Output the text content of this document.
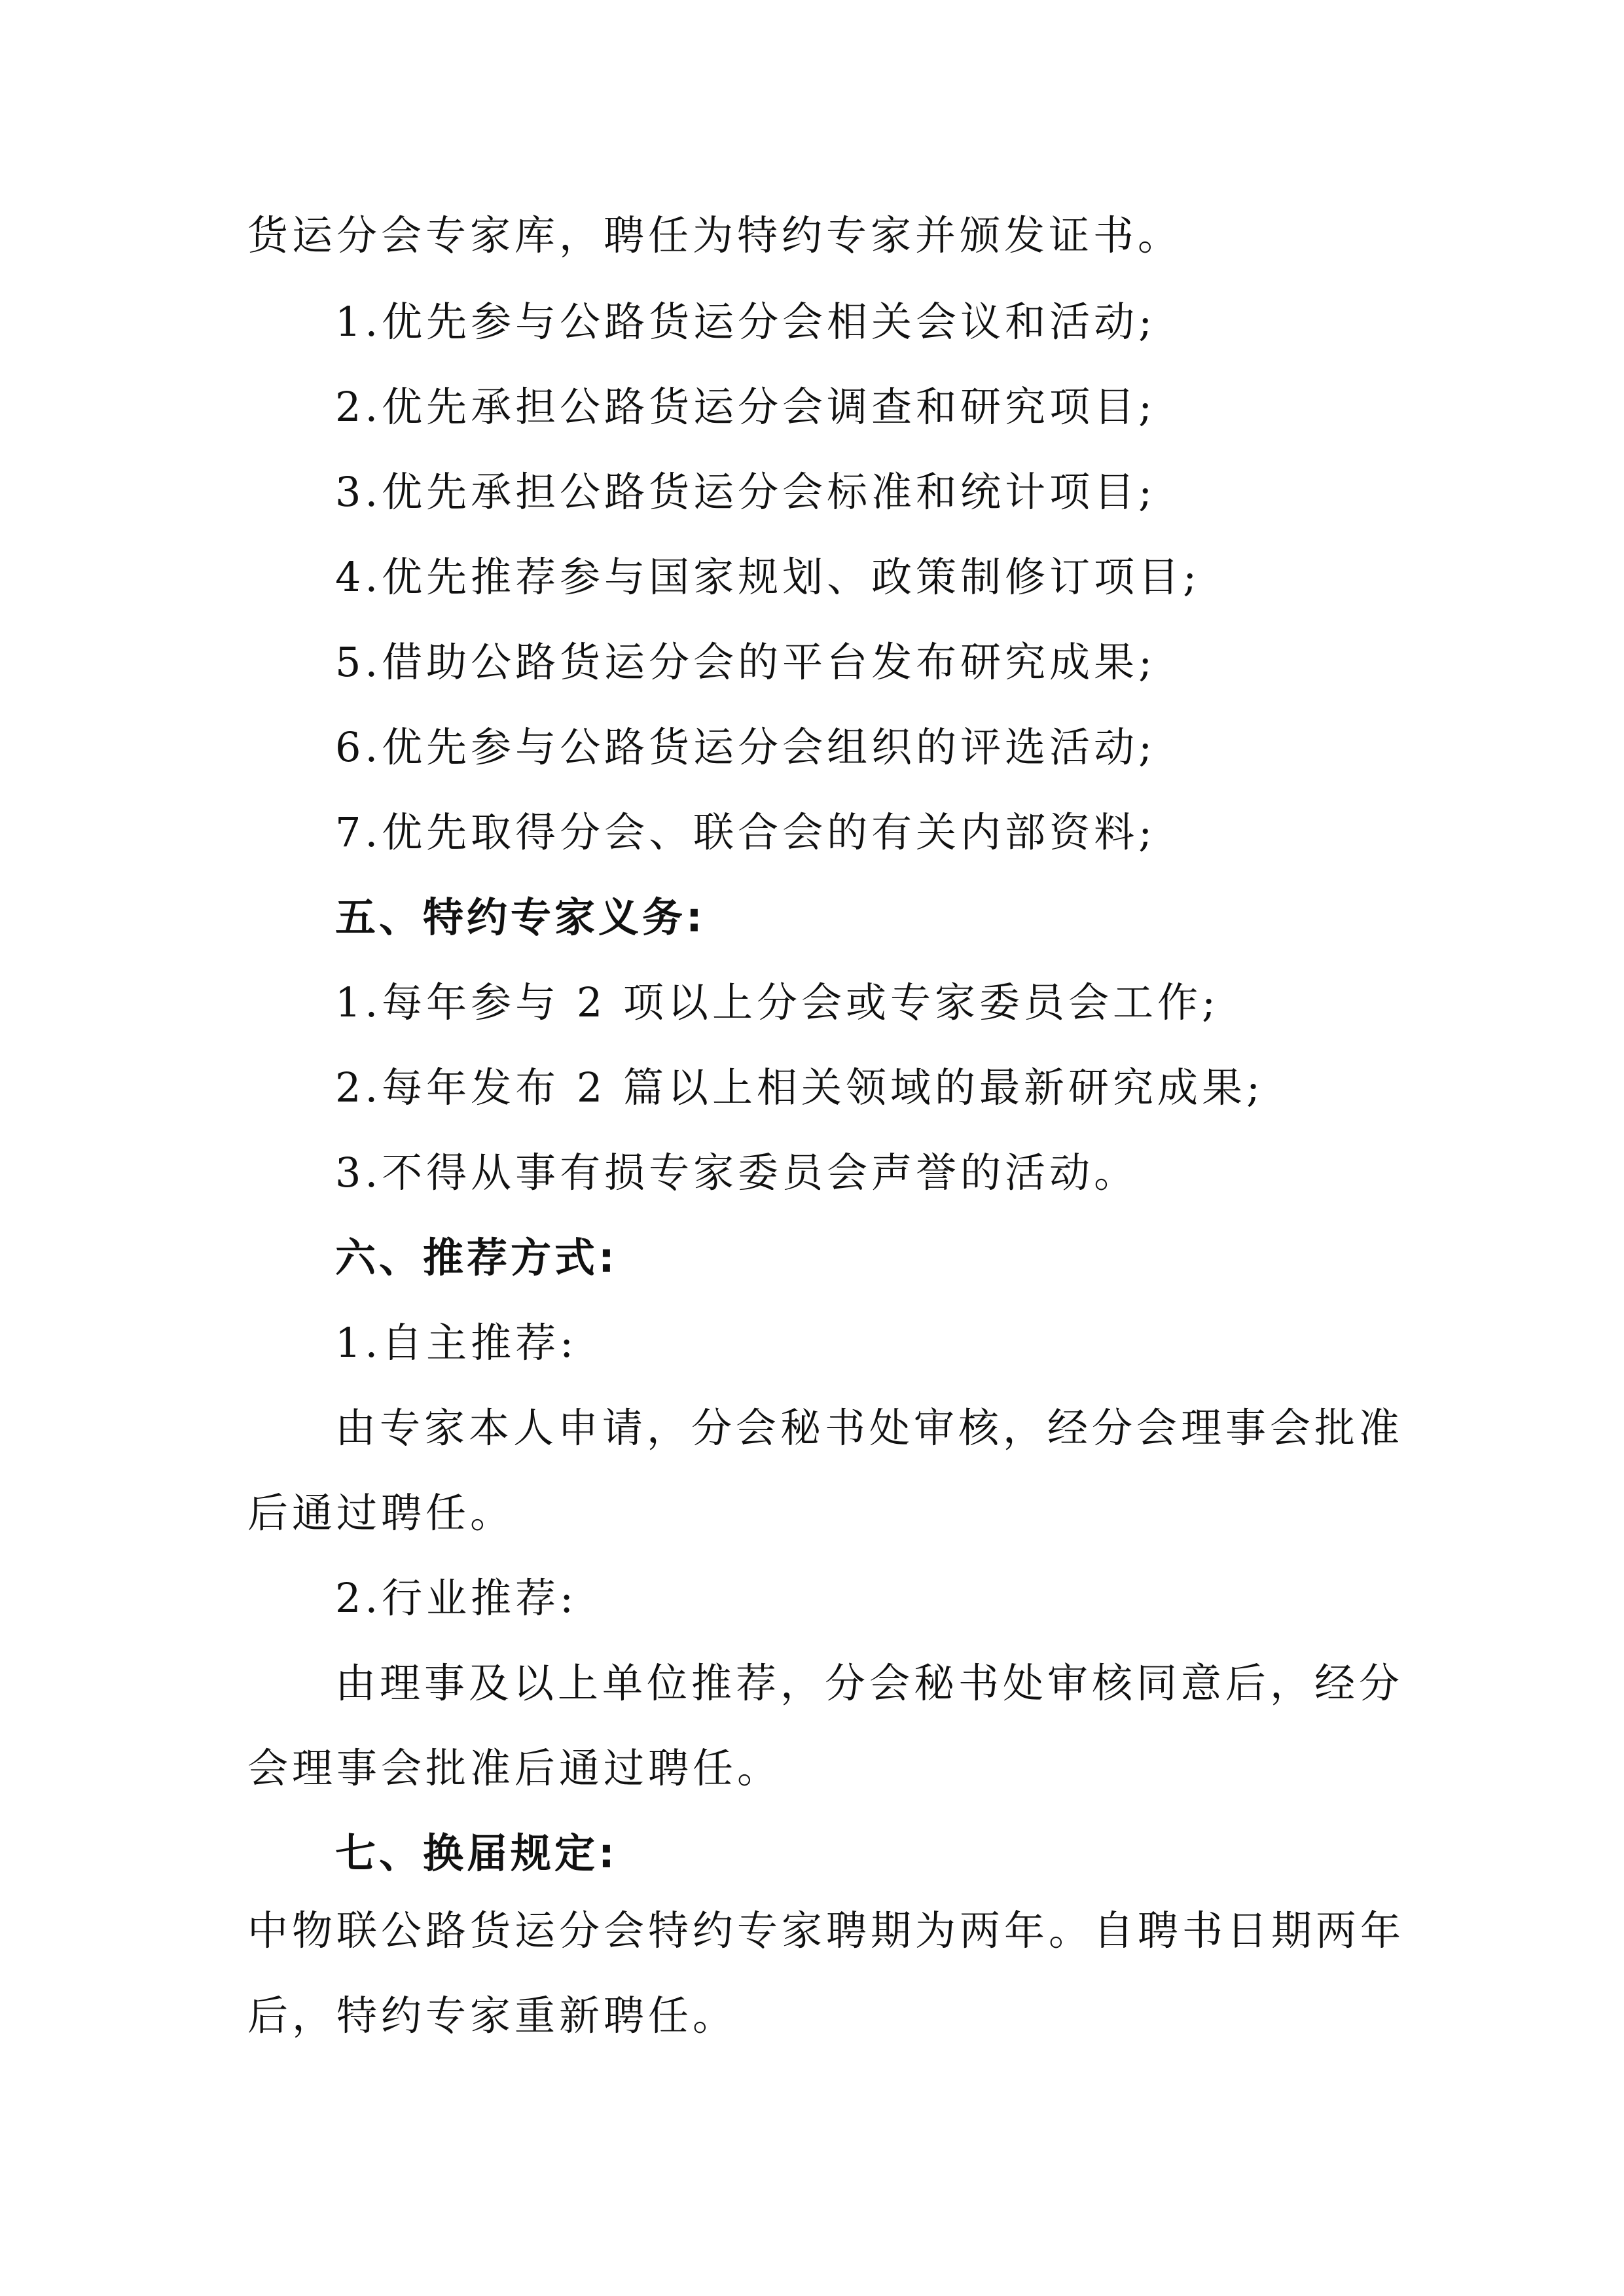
货运分会专家库，聘任为特约专家并颁发证书。
1.优先参与公路货运分会相关会议和活动;
2.优先承担公路货运分会调查和研究项目;
3.优先承担公路货运分会标准和统计项目;
4.优先推荐参与国家规划、政策制修订项目;
5.借助公路货运分会的平台发布研究成果;
6.优先参与公路货运分会组织的评选活动;
7.优先取得分会、联合会的有关内部资料;
五、特约专家义务:
1.每年参与 2 项以上分会或专家委员会工作;
2.每年发布 2 篇以上相关领域的最新研究成果;
3.不得从事有损专家委员会声誉的活动。
六、推荐方式:
1.自主推荐:
由专家本人申请，分会秘书处审核，经分会理事会批准
后通过聘任。
2.行业推荐:
由理事及以上单位推荐，分会秘书处审核同意后，经分
会理事会批准后通过聘任。
七、换届规定:
中物联公路货运分会特约专家聘期为两年。自聘书日期两年
后，特约专家重新聘任。
